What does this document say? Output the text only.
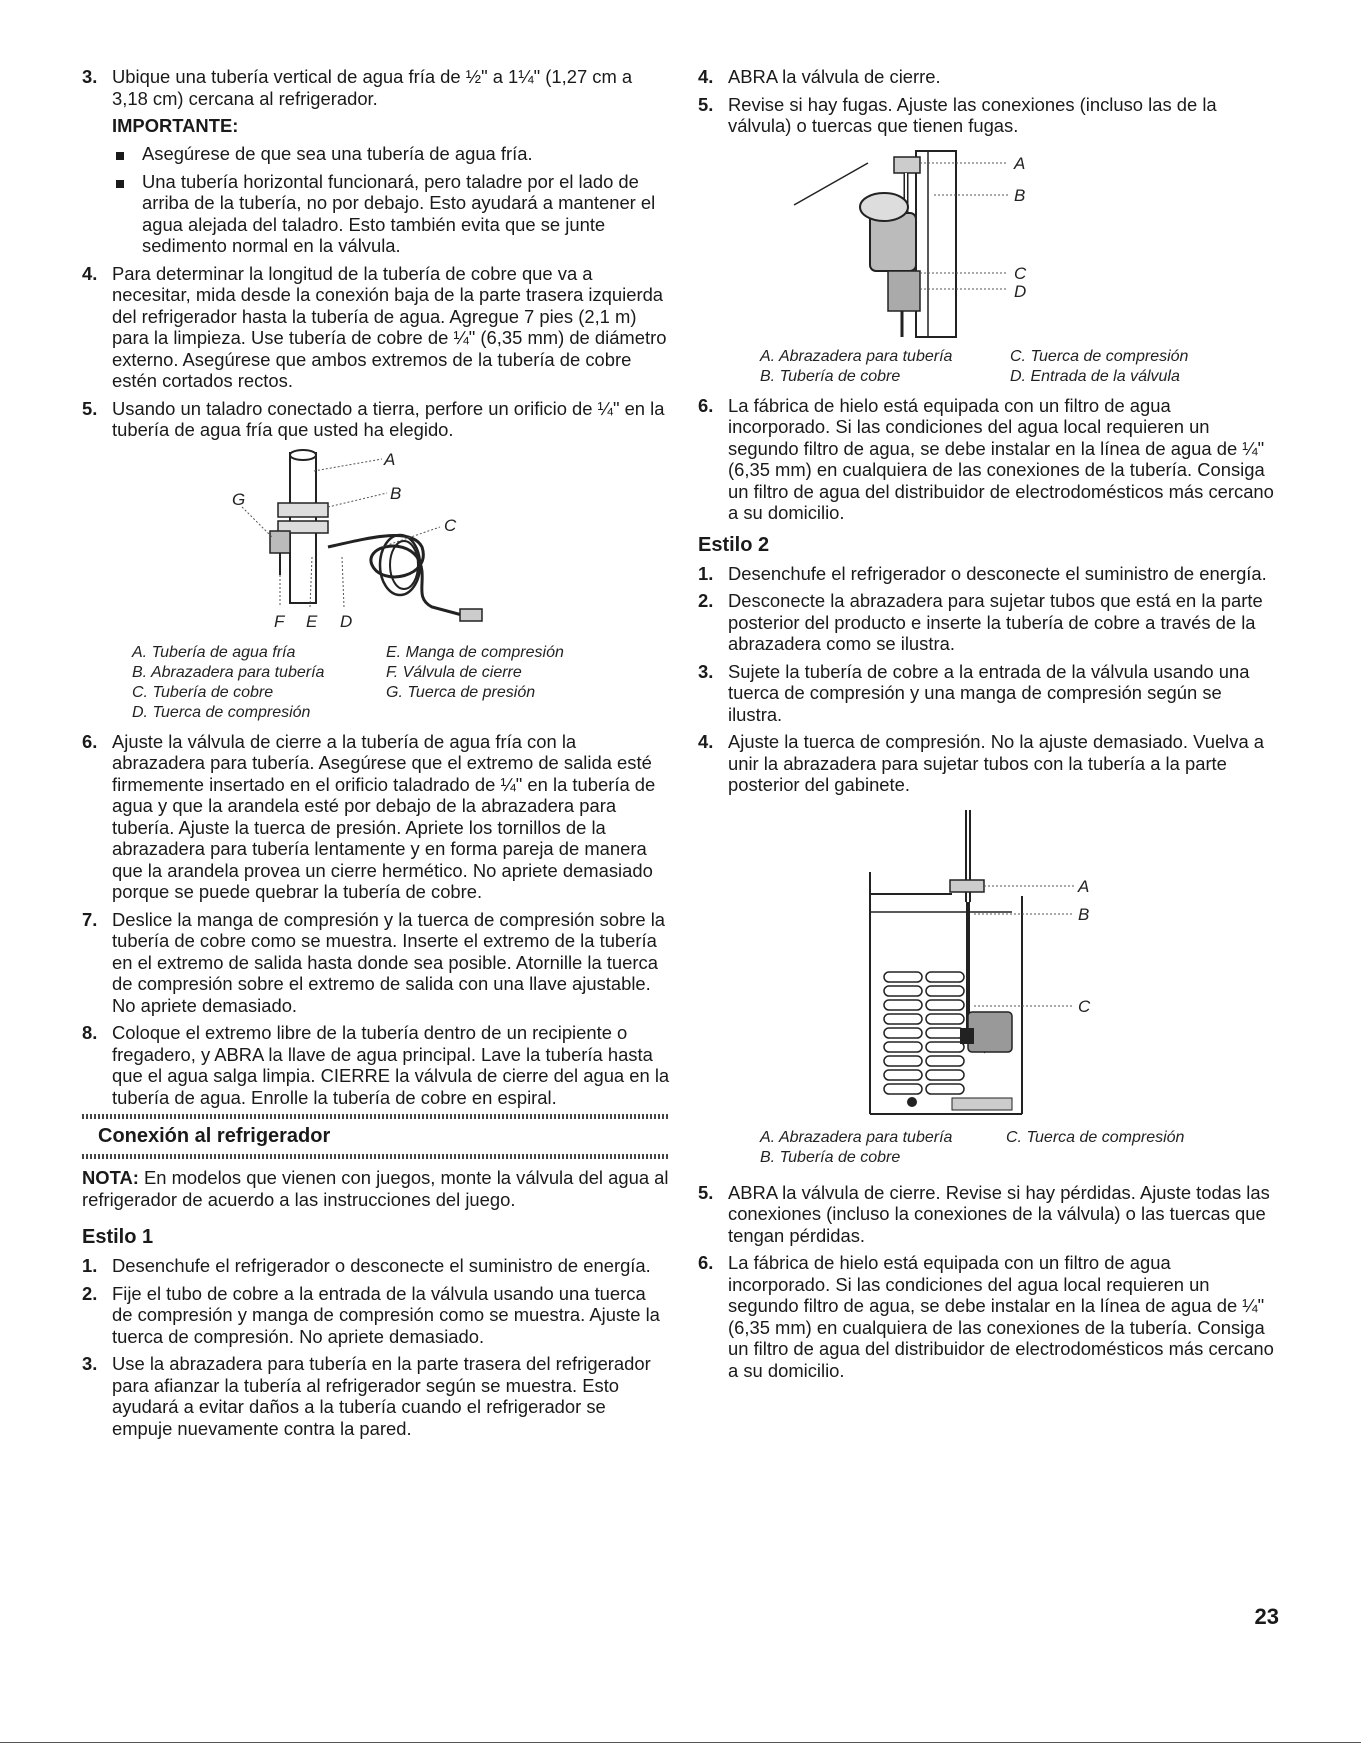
3. Ubique una tubería vertical de agua fría de ½" a 1¼" (1,27 cm a 3,18 cm) cercana al refrigerador.
IMPORTANTE:
Asegúrese de que sea una tubería de agua fría.
Una tubería horizontal funcionará, pero taladre por el lado de arriba de la tubería, no por debajo. Esto ayudará a mantener el agua alejada del taladro. Esto también evita que se junte sedimento normal en la válvula.
4. Para determinar la longitud de la tubería de cobre que va a necesitar, mida desde la conexión baja de la parte trasera izquierda del refrigerador hasta la tubería de agua. Agregue 7 pies (2,1 m) para la limpieza. Use tubería de cobre de ¼" (6,35 mm) de diámetro externo. Asegúrese que ambos extremos de la tubería de cobre estén cortados rectos.
5. Usando un taladro conectado a tierra, perfore un orificio de ¼" en la tubería de agua fría que usted ha elegido.
A
B
C
G
F E D
A. Tubería de agua fría	E. Manga de compresión
B. Abrazadera para tubería	F. Válvula de cierre
C. Tubería de cobre	G. Tuerca de presión
D. Tuerca de compresión
6. Ajuste la válvula de cierre a la tubería de agua fría con la abrazadera para tubería. Asegúrese que el extremo de salida esté firmemente insertado en el orificio taladrado de ¼" en la tubería de agua y que la arandela esté por debajo de la abrazadera para tubería. Ajuste la tuerca de presión. Apriete los tornillos de la abrazadera para tubería lentamente y en forma pareja de manera que la arandela provea un cierre hermético. No apriete demasiado porque se puede quebrar la tubería de cobre.
7. Deslice la manga de compresión y la tuerca de compresión sobre la tubería de cobre como se muestra. Inserte el extremo de la tubería en el extremo de salida hasta donde sea posible. Atornille la tuerca de compresión sobre el extremo de salida con una llave ajustable. No apriete demasiado.
8. Coloque el extremo libre de la tubería dentro de un recipiente o fregadero, y ABRA la llave de agua principal. Lave la tubería hasta que el agua salga limpia. CIERRE la válvula de cierre del agua en la tubería de agua. Enrolle la tubería de cobre en espiral.
Conexión al refrigerador
NOTA: En modelos que vienen con juegos, monte la válvula del agua al refrigerador de acuerdo a las instrucciones del juego.
Estilo 1
1. Desenchufe el refrigerador o desconecte el suministro de energía.
2. Fije el tubo de cobre a la entrada de la válvula usando una tuerca de compresión y manga de compresión como se muestra. Ajuste la tuerca de compresión. No apriete demasiado.
3. Use la abrazadera para tubería en la parte trasera del refrigerador para afianzar la tubería al refrigerador según se muestra. Esto ayudará a evitar daños a la tubería cuando el refrigerador se empuje nuevamente contra la pared.
4. ABRA la válvula de cierre.
5. Revise si hay fugas. Ajuste las conexiones (incluso las de la válvula) o tuercas que tienen fugas.
A
B
C
D
A. Abrazadera para tubería	C. Tuerca de compresión
B. Tubería de cobre	D. Entrada de la válvula
6. La fábrica de hielo está equipada con un filtro de agua incorporado. Si las condiciones del agua local requieren un segundo filtro de agua, se debe instalar en la línea de agua de ¼" (6,35 mm) en cualquiera de las conexiones de la tubería. Consiga un filtro de agua del distribuidor de electrodomésticos más cercano a su domicilio.
Estilo 2
1. Desenchufe el refrigerador o desconecte el suministro de energía.
2. Desconecte la abrazadera para sujetar tubos que está en la parte posterior del producto e inserte la tubería de cobre a través de la abrazadera como se ilustra.
3. Sujete la tubería de cobre a la entrada de la válvula usando una tuerca de compresión y una manga de compresión según se ilustra.
4. Ajuste la tuerca de compresión. No la ajuste demasiado. Vuelva a unir la abrazadera para sujetar tubos con la tubería a la parte posterior del gabinete.
A
B
C
A. Abrazadera para tubería	C. Tuerca de compresión
B. Tubería de cobre
5. ABRA la válvula de cierre. Revise si hay pérdidas. Ajuste todas las conexiones (incluso la conexiones de la válvula) o las tuercas que tengan pérdidas.
6. La fábrica de hielo está equipada con un filtro de agua incorporado. Si las condiciones del agua local requieren un segundo filtro de agua, se debe instalar en la línea de agua de ¼" (6,35 mm) en cualquiera de las conexiones de la tubería. Consiga un filtro de agua del distribuidor de electrodomésticos más cercano a su domicilio.
23
